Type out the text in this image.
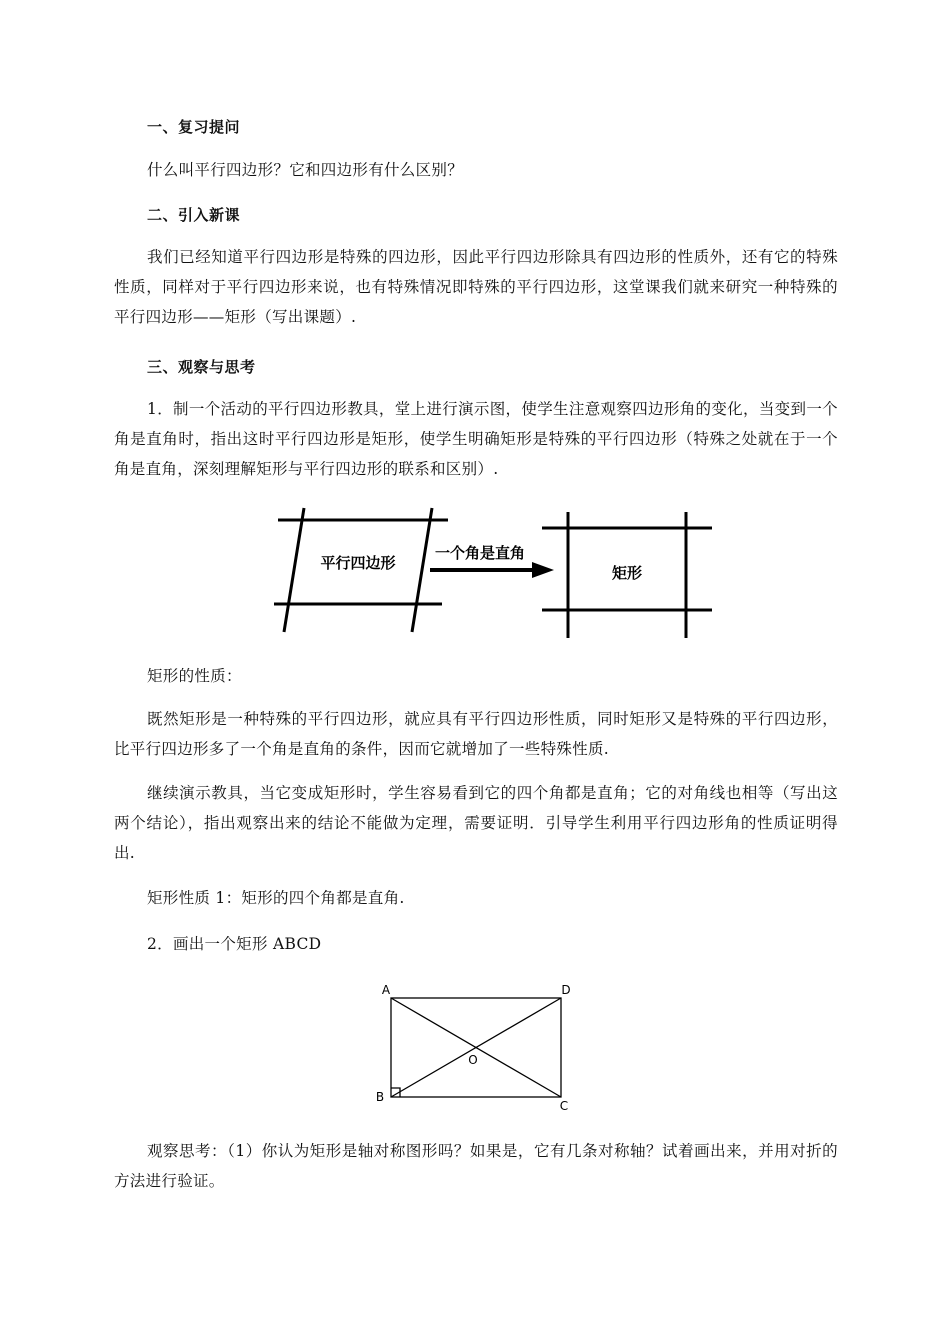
一、复习提问
什么叫平行四边形？它和四边形有什么区别？
二、引入新课
我们已经知道平行四边形是特殊的四边形，因此平行四边形除具有四边形的性质外，还有它的特殊性质，同样对于平行四边形来说，也有特殊情况即特殊的平行四边形，这堂课我们就来研究一种特殊的平行四边形——矩形（写出课题）.
三、观察与思考
1．制一个活动的平行四边形教具，堂上进行演示图，使学生注意观察四边形角的变化，当变到一个角是直角时，指出这时平行四边形是矩形，使学生明确矩形是特殊的平行四边形（特殊之处就在于一个角是直角，深刻理解矩形与平行四边形的联系和区别）.
平行四边形
一个角是直角
矩形
矩形的性质：
既然矩形是一种特殊的平行四边形，就应具有平行四边形性质，同时矩形又是特殊的平行四边形，比平行四边形多了一个角是直角的条件，因而它就增加了一些特殊性质.
继续演示教具，当它变成矩形时，学生容易看到它的四个角都是直角；它的对角线也相等（写出这两个结论），指出观察出来的结论不能做为定理，需要证明．引导学生利用平行四边形角的性质证明得出.
矩形性质 1：矩形的四个角都是直角.
2．画出一个矩形 ABCD
A	D
B
C
O
观察思考：（1）你认为矩形是轴对称图形吗？如果是，它有几条对称轴？试着画出来，并用对折的方法进行验证。
